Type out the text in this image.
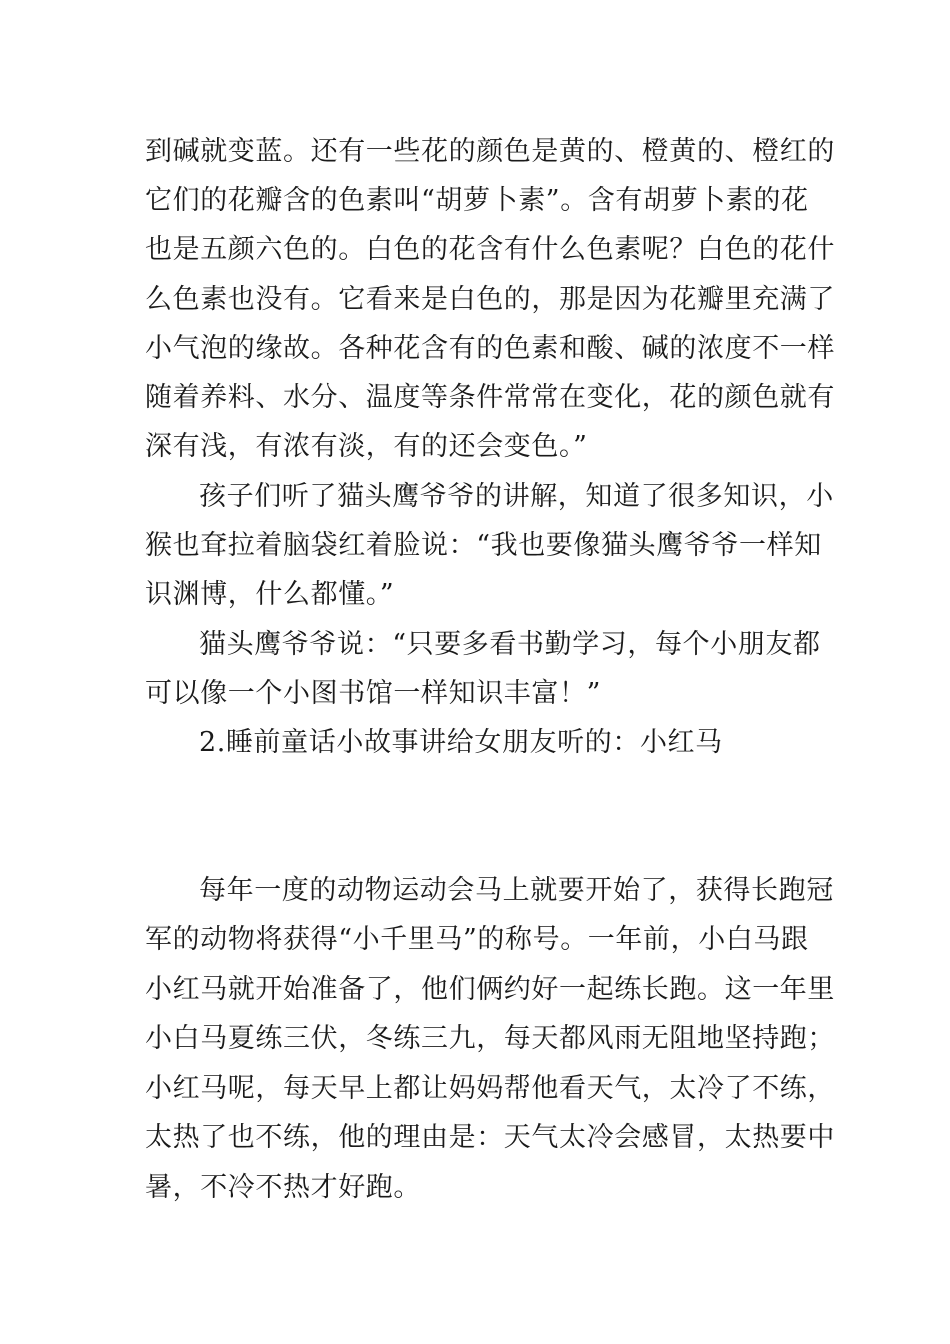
到碱就变蓝。还有一些花的颜色是黄的、橙黄的、橙红的
它们的花瓣含的色素叫“胡萝卜素”。含有胡萝卜素的花
也是五颜六色的。白色的花含有什么色素呢？白色的花什
么色素也没有。它看来是白色的，那是因为花瓣里充满了
小气泡的缘故。各种花含有的色素和酸、碱的浓度不一样
随着养料、水分、温度等条件常常在变化，花的颜色就有
深有浅，有浓有淡，有的还会变色。”
孩子们听了猫头鹰爷爷的讲解，知道了很多知识，小
猴也耷拉着脑袋红着脸说：“我也要像猫头鹰爷爷一样知
识渊博，什么都懂。”
猫头鹰爷爷说：“只要多看书勤学习，每个小朋友都
可以像一个小图书馆一样知识丰富！”
2.睡前童话小故事讲给女朋友听的：小红马
每年一度的动物运动会马上就要开始了，获得长跑冠
军的动物将获得“小千里马”的称号。一年前，小白马跟
小红马就开始准备了，他们俩约好一起练长跑。这一年里
小白马夏练三伏，冬练三九，每天都风雨无阻地坚持跑；
小红马呢，每天早上都让妈妈帮他看天气，太冷了不练，
太热了也不练，他的理由是：天气太冷会感冒，太热要中
暑，不冷不热才好跑。
